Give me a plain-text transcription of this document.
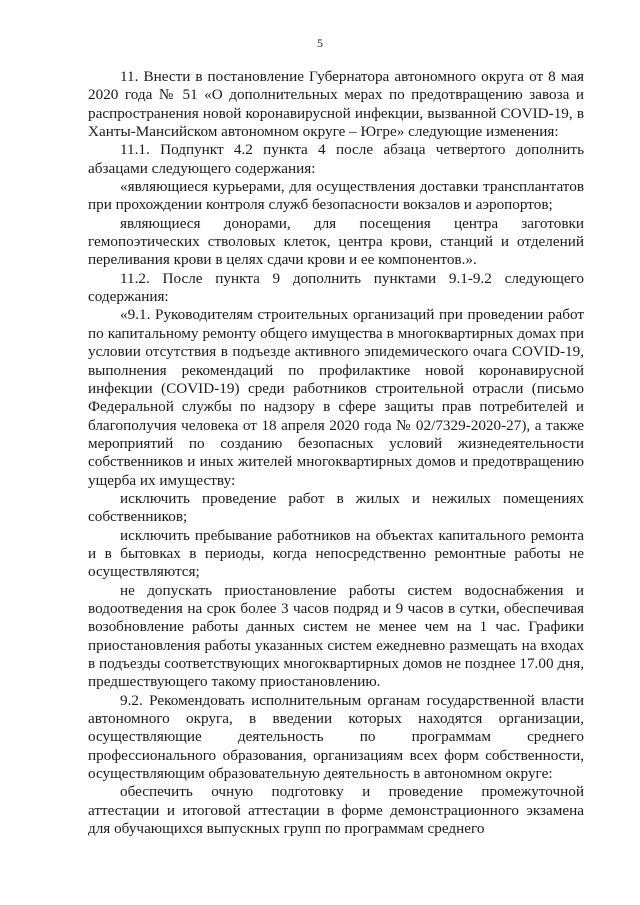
5

11. Внести в постановление Губернатора автономного округа от 8 мая 2020 года № 51 «О дополнительных мерах по предотвращению завоза и распространения новой коронавирусной инфекции, вызванной COVID-19, в Ханты-Мансийском автономном округе – Югре» следующие изменения:

11.1. Подпункт 4.2 пункта 4 после абзаца четвертого дополнить абзацами следующего содержания:

«являющиеся курьерами, для осуществления доставки трансплантатов при прохождении контроля служб безопасности вокзалов и аэропортов;

являющиеся донорами, для посещения центра заготовки гемопоэтических стволовых клеток, центра крови, станций и отделений переливания крови в целях сдачи крови и ее компонентов.».

11.2. После пункта 9 дополнить пунктами 9.1-9.2 следующего содержания:

«9.1. Руководителям строительных организаций при проведении работ по капитальному ремонту общего имущества в многоквартирных домах при условии отсутствия в подъезде активного эпидемического очага COVID-19, выполнения рекомендаций по профилактике новой коронавирусной инфекции (COVID-19) среди работников строительной отрасли (письмо Федеральной службы по надзору в сфере защиты прав потребителей и благополучия человека от 18 апреля 2020 года № 02/7329-2020-27), а также мероприятий по созданию безопасных условий жизнедеятельности собственников и иных жителей многоквартирных домов и предотвращению ущерба их имуществу:

исключить проведение работ в жилых и нежилых помещениях собственников;

исключить пребывание работников на объектах капитального ремонта и в бытовках в периоды, когда непосредственно ремонтные работы не осуществляются;

не допускать приостановление работы систем водоснабжения и водоотведения на срок более 3 часов подряд и 9 часов в сутки, обеспечивая возобновление работы данных систем не менее чем на 1 час. Графики приостановления работы указанных систем ежедневно размещать на входах в подъезды соответствующих многоквартирных домов не позднее 17.00 дня, предшествующего такому приостановлению.

9.2. Рекомендовать исполнительным органам государственной власти автономного округа, в введении которых находятся организации, осуществляющие деятельность по программам среднего профессионального образования, организациям всех форм собственности, осуществляющим образовательную деятельность в автономном округе:

обеспечить очную подготовку и проведение промежуточной аттестации и итоговой аттестации в форме демонстрационного экзамена для обучающихся выпускных групп по программам среднего
